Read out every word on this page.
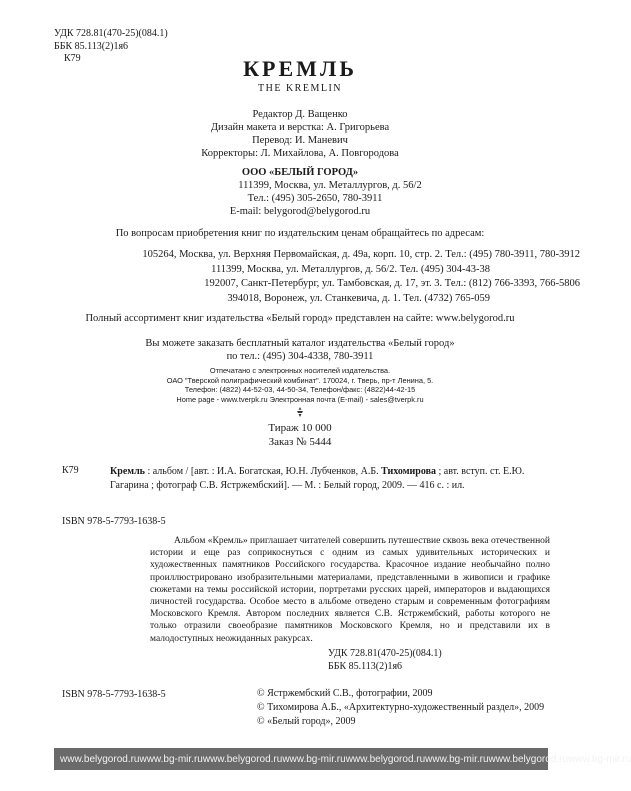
УДК 728.81(470-25)(084.1)
ББК 85.113(2)1я6
К79	КРЕМЛЬ
THE KREMLIN
Редактор Д. Ващенко
Дизайн макета и верстка: А. Григорьева
Перевод: И. Маневич
Корректоры: Л. Михайлова, А. Повгородова
ООО «БЕЛЫЙ ГОРОД»
111399, Москва, ул. Металлургов, д. 56/2
Тел.: (495) 305-2650, 780-3911
E-mail: belygorod@belygorod.ru
По вопросам приобретения книг по издательским ценам обращайтесь по адресам:
105264, Москва, ул. Верхняя Первомайская, д. 49а, корп. 10, стр. 2. Тел.: (495) 780-3911, 780-3912
111399, Москва, ул. Металлургов, д. 56/2. Тел. (495) 304-43-38
192007, Санкт-Петербург, ул. Тамбовская, д. 17, эт. 3. Тел.: (812) 766-3393, 766-5806
394018, Воронеж, ул. Станкевича, д. 1. Тел. (4732) 765-059
Полный ассортимент книг издательства «Белый город» представлен на сайте: www.belygorod.ru
Вы можете заказать бесплатный каталог издательства «Белый город»
по тел.: (495) 304-4338, 780-3911
Отпечатано с электронных носителей издательства.
ОАО "Тверской полиграфический комбинат". 170024, г. Тверь, пр-т Ленина, 5.
Телефон: (4822) 44-52-03, 44-50-34, Телефон/факс: (4822)44-42-15
Home page - www.tverpk.ru Электронная почта (E-mail) - sales@tverpk.ru
Тираж 10 000
Заказ № 5444
К79	Кремль : альбом / [авт. : И.А. Богатская, Ю.Н. Лубченков, А.Б. Тихомирова ; авт. вступ. ст. Е.Ю. Гагарина ; фотограф С.В. Ястржембский]. — М. : Белый город, 2009. — 416 с. : ил.
ISBN 978-5-7793-1638-5
Альбом «Кремль» приглашает читателей совершить путешествие сквозь века отечественной истории и еще раз соприкоснуться с одним из самых удивительных исторических и художественных памятников Российского государства. Красочное издание необычайно полно проиллюстрировано изобразительными материалами, представленными в живописи и графике сюжетами на темы российской истории, портретами русских царей, императоров и выдающихся личностей государства. Особое место в альбоме отведено старым и современным фотографиям Московского Кремля. Автором последних является С.В. Ястржембский, работы которого не только отразили своеобразие памятников Московского Кремля, но и представили их в малодоступных неожиданных ракурсах.
УДК 728.81(470-25)(084.1)
ББК 85.113(2)1я6
ISBN 978-5-7793-1638-5	© Ястржембский С.В., фотографии, 2009
© Тихомирова А.Б., «Архитектурно-художественный раздел», 2009
© «Белый город», 2009
www.belygorod.ru www.bg-mir.ru www.belygorod.ru www.bg-mir.ru www.belygorod.ru www.bg-mir.ru www.belygorod.ru www.bg-mir.ru
